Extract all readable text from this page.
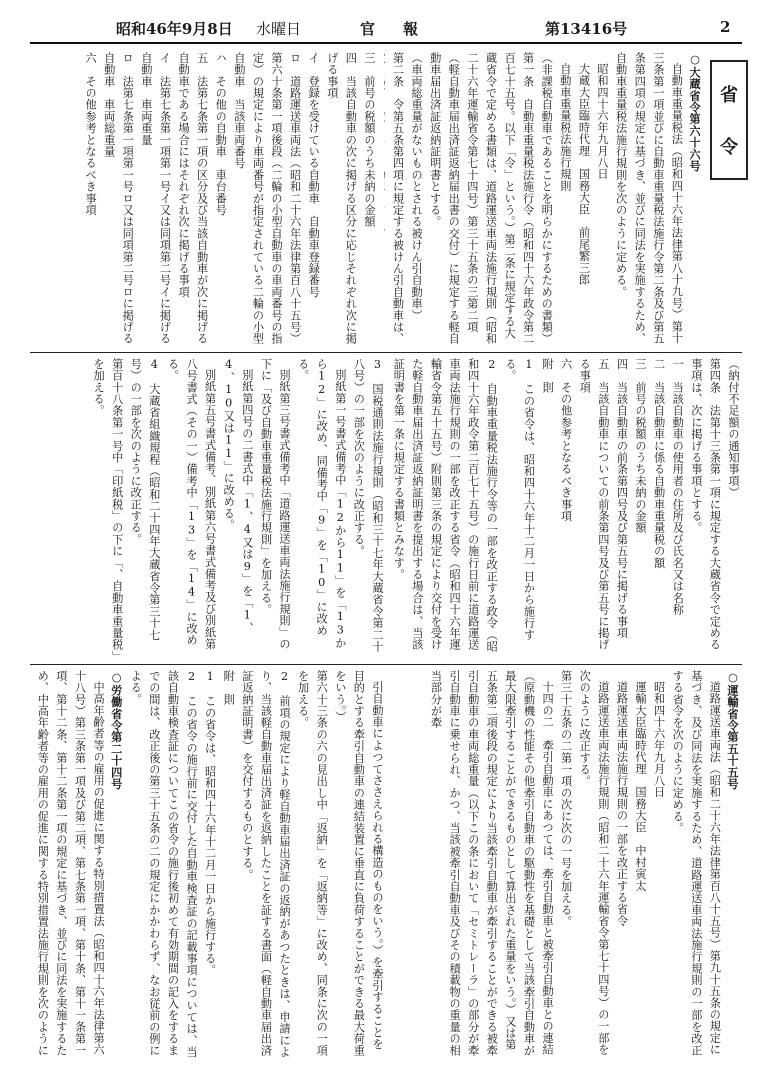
昭和46年9月8日 水曜日	官報	第13416号	2
省
令

○大蔵省令第六十六号

自動車重量税法（昭和四十六年法律第八十九号）第十三条第一項並びに自動車重量税法施行令第二条及び第五条第四項の規定に基づき、並びに同法を実施するため、自動車重量税法施行規則を次のように定める。

昭和四十六年九月八日

大蔵大臣臨時代理　国務大臣　前尾繁三郎

自動車重量税法施行規則

（非課税自動車であることを明らかにするための書類）

第一条　自動車重量税法施行令（昭和四十六年政令第二百七十五号。以下「令」という。）第二条に規定する大蔵省令で定める書類は、道路運送車両法施行規則（昭和二十六年運輸省令第七十四号）第三十五条の三第二項（軽自動車届出済証返納届出書の交付）に規定する軽自動車届出済証返納証明書とする。

（車両総重量がないものとされる被けん引自動車）

第二条　令第五条第四項に規定する被けん引自動車は、

三　前号の税額のうち未納の金額

四　当該自動車の次に掲げる区分に応じそれぞれ次に掲げる事項

イ　登録を受けている自動車　自動車登録番号

ロ　道路運送車両法（昭和二十六年法律第百八十五号）第六十条第一項後段（二輪の小型自動車の車両番号の指定）の規定により車両番号が指定されている二輪の小型自動車　当該車両番号

ハ　その他の自動車　車台番号

五　法第七条第一項の区分及び当該自動車が次に掲げる自動車である場合にはそれぞれ次に掲げる事項

イ　法第七条第一項第一号イ又は同項第二号イに掲げる自動車　車両重量

ロ　法第七条第一項第一号ロ又は同項第二号ロに掲げる自動車　車両総重量

六　その他参考となるべき事項

（納付不足額の通知事項）

第四条　法第十三条第一項に規定する大蔵省令で定める事項は、次に掲げる事項とする。

一　当該自動車の使用者の住所及び氏名又は名称

二　当該自動車に係る自動車重量税の額

三　前号の税額のうち未納の金額

四　当該自動車の前条第四号及び第五号に掲げる事項

五　当該自動車についての前条第四号及び第五号に掲げる事項

六　その他参考となるべき事項

附　則

1　この省令は、昭和四十六年十二月一日から施行する。

2　自動車重量税法施行令等の一部を改正する政令（昭和四十六年政令第二百七十五号）の施行日前に道路運送車両法施行規則の一部を改正する省令（昭和四十六年運輸省令第五十五号）附則第三条の規定により交付を受けた軽自動車届出済証返納証明書を提出する場合は、当該証明書を第一条に規定する書類とみなす。

3　国税通則法施行規則（昭和三十七年大蔵省令第二十八号）の一部を次のように改正する。

別紙第一号書式備考中「12から11」を「13から12」に改め、同備考中「9」を「10」に改める。

別紙第三号書式備考中「道路運送車両法施行規則」の下に「及び自動車重量税法施行規則」を加える。

別紙第四号の二書式中「1、4又は9」を「1、4、10又は11」に改める。

別紙第五号書式備考、別紙第六号書式備考及び別紙第八号書式（その一）備考中「13」を「14」に改める。

4　大蔵省組織規程（昭和二十四年大蔵省令第三十七号）の一部を次のように改正する。

第百十八条第一号中「印紙税」の下に「、自動車重量税」を加える。

○運輸省令第五十五号

道路運送車両法（昭和二十六年法律第百八十五号）第九十五条の規定に基づき、及び同法を実施するため、道路運送車両法施行規則の一部を改正する省令を次のように定める。

昭和四十六年九月八日

運輸大臣臨時代理　国務大臣　中村寅太

道路運送車両法施行規則の一部を改正する省令

道路運送車両法施行規則（昭和二十六年運輸省令第七十四号）の一部を次のように改正する。

第三十五条の二第一項の次に次の一号を加える。

十四の二　牽引自動車にあつては、牽引自動車と被牽引自動車との連結

（原動機の性能その他牽引自動車の駆動性を基礎として当該牽引自動車が最大限牽引することができるものとして算出された重量をいう。）又は第五条第二項後段の規定により当該牽引自動車が牽引することができる被牽引自動車の車両総重量（以下この条において「セミトレーラ」の部分が牽引自動車に乗せられ、かつ、当該被牽引自動車及びその積載物の重量の相当部分が牽

引自動車によつてささえられる構造のものをいう。）を牽引することを目的とする牽引自動車の連結装置に垂直に負荷することができる最大荷重をいう。）

第六十三条の六の見出し中「返納」を「返納等」に改め、同条に次の一項を加える。

2　前項の規定により軽自動車届出済証の返納があつたときは、申請により、当該軽自動車届出済証を返納したことを証する書面（軽自動車届出済証返納証明書）を交付するものとする。

附　則

1　この省令は、昭和四十六年十二月一日から施行する。

2　この省令の施行前に交付した自動車検査証の記載事項については、当該自動車検査証についてこの省令の施行後初めて有効期間の記入をするまでの間は、改正後の第三十五条の二の規定にかかわらず、なお従前の例による。

○労働省令第二十四号

中高年齢者等の雇用の促進に関する特別措置法（昭和四十六年法律第六十八号）第三条第一項及び第二項、第七条第一項、第十条、第十一条第一項、第十二条、第十二条第一項の規定に基づき、並びに同法を実施するため、中高年齢者等の雇用の促進に関する特別措置法施行規則を次のように
